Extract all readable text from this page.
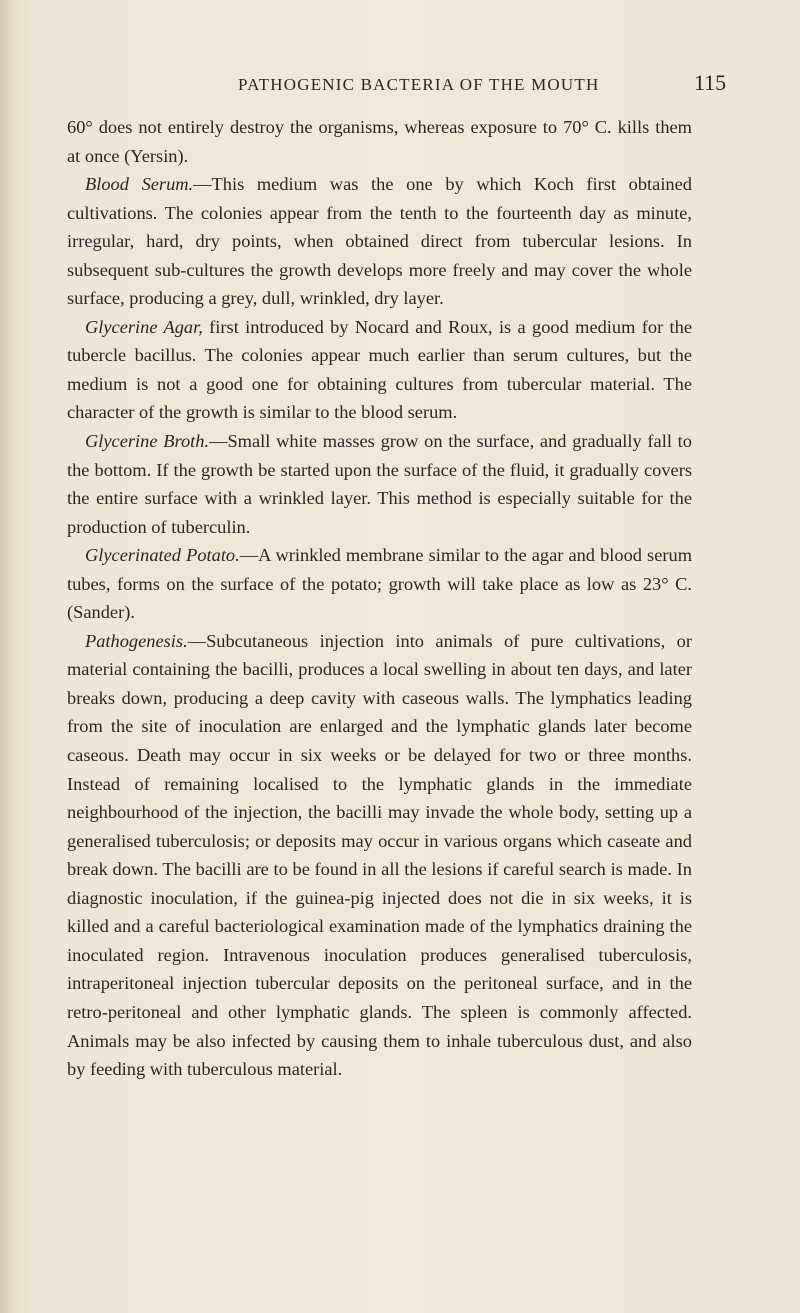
PATHOGENIC BACTERIA OF THE MOUTH	115

60° does not entirely destroy the organisms, whereas exposure to 70° C. kills them at once (Yersin).

Blood Serum.—This medium was the one by which Koch first obtained cultivations. The colonies appear from the tenth to the fourteenth day as minute, irregular, hard, dry points, when obtained direct from tubercular lesions. In subsequent sub-cultures the growth develops more freely and may cover the whole surface, producing a grey, dull, wrinkled, dry layer.

Glycerine Agar, first introduced by Nocard and Roux, is a good medium for the tubercle bacillus. The colonies appear much earlier than serum cultures, but the medium is not a good one for obtaining cultures from tubercular material. The character of the growth is similar to the blood serum.

Glycerine Broth.—Small white masses grow on the surface, and gradually fall to the bottom. If the growth be started upon the surface of the fluid, it gradually covers the entire surface with a wrinkled layer. This method is especially suitable for the production of tuberculin.

Glycerinated Potato.—A wrinkled membrane similar to the agar and blood serum tubes, forms on the surface of the potato; growth will take place as low as 23° C. (Sander).

Pathogenesis.—Subcutaneous injection into animals of pure cultivations, or material containing the bacilli, produces a local swelling in about ten days, and later breaks down, producing a deep cavity with caseous walls. The lymphatics leading from the site of inoculation are enlarged and the lymphatic glands later become caseous. Death may occur in six weeks or be delayed for two or three months. Instead of remaining localised to the lymphatic glands in the immediate neighbourhood of the injection, the bacilli may invade the whole body, setting up a generalised tuberculosis; or deposits may occur in various organs which caseate and break down. The bacilli are to be found in all the lesions if careful search is made. In diagnostic inoculation, if the guinea-pig injected does not die in six weeks, it is killed and a careful bacteriological examination made of the lymphatics draining the inoculated region. Intravenous inoculation produces generalised tuberculosis, intraperitoneal injection tubercular deposits on the peritoneal surface, and in the retro-peritoneal and other lymphatic glands. The spleen is commonly affected. Animals may be also infected by causing them to inhale tuberculous dust, and also by feeding with tuberculous material.
